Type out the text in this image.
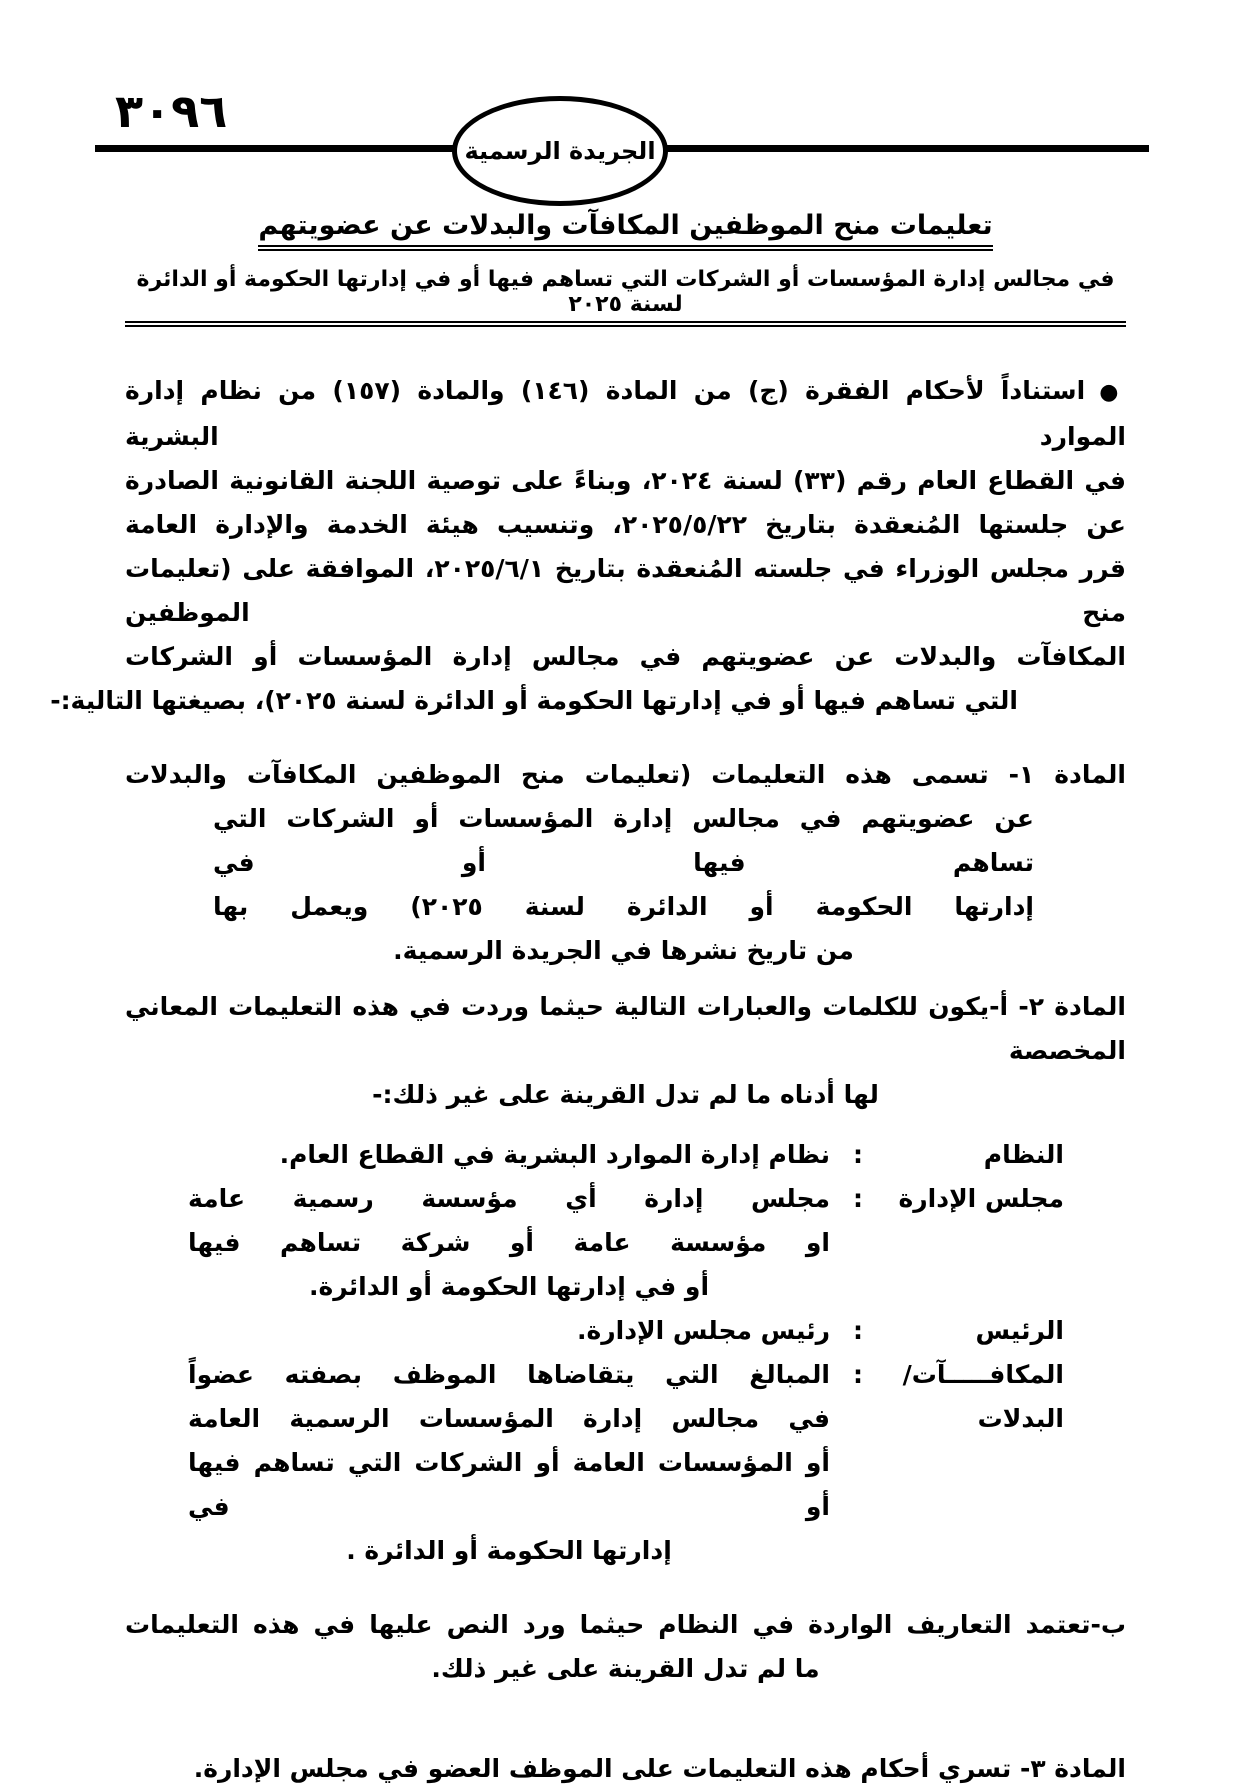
٣٠٩٦
الجريدة الرسمية
تعليمات منح الموظفين المكافآت والبدلات عن عضويتهم
في مجالس إدارة المؤسسات أو الشركات التي تساهم فيها أو في إدارتها الحكومة أو الدائرة لسنة ٢٠٢٥
●استناداً لأحكام الفقرة (ج) من المادة (١٤٦) والمادة (١٥٧) من نظام إدارة الموارد البشرية
في القطاع العام رقم (٣٣) لسنة ٢٠٢٤، وبناءً على توصية اللجنة القانونية الصادرة
عن جلستها المُنعقدة بتاريخ ٢٠٢٥/٥/٢٢، وتنسيب هيئة الخدمة والإدارة العامة
قرر مجلس الوزراء في جلسته المُنعقدة بتاريخ ٢٠٢٥/٦/١، الموافقة على (تعليمات منح الموظفين
المكافآت والبدلات عن عضويتهم في مجالس إدارة المؤسسات أو الشركات
التي تساهم فيها أو في إدارتها الحكومة أو الدائرة لسنة ٢٠٢٥)، بصيغتها التالية:-
المادة ١- تسمى هذه التعليمات (تعليمات منح الموظفين المكافآت والبدلات
عن عضويتهم في مجالس إدارة المؤسسات أو الشركات التي تساهم فيها أو في
إدارتها الحكومة أو الدائرة لسنة ٢٠٢٥) ويعمل بها
من تاريخ نشرها في الجريدة الرسمية.
المادة ٢- أ-يكون للكلمات والعبارات التالية حيثما وردت في هذه التعليمات المعاني المخصصة
لها أدناه ما لم تدل القرينة على غير ذلك:-
النظام
:
نظام إدارة الموارد البشرية في القطاع العام.
مجلس الإدارة
:
مجلس إدارة أي مؤسسة رسمية عامة
او مؤسسة عامة أو شركة تساهم فيها
أو في إدارتها الحكومة أو الدائرة.
الرئيس
:
رئيس مجلس الإدارة.
المكافـــــآت/
البدلات
:
المبالغ التي يتقاضاها الموظف بصفته عضواً
في مجالس إدارة المؤسسات الرسمية العامة
أو المؤسسات العامة أو الشركات التي تساهم فيها أو في
إدارتها الحكومة أو الدائرة .
ب-تعتمد التعاريف الواردة في النظام حيثما ورد النص عليها في هذه التعليمات
ما لم تدل القرينة على غير ذلك.
المادة ٣- تسري أحكام هذه التعليمات على الموظف العضو في مجلس الإدارة.
